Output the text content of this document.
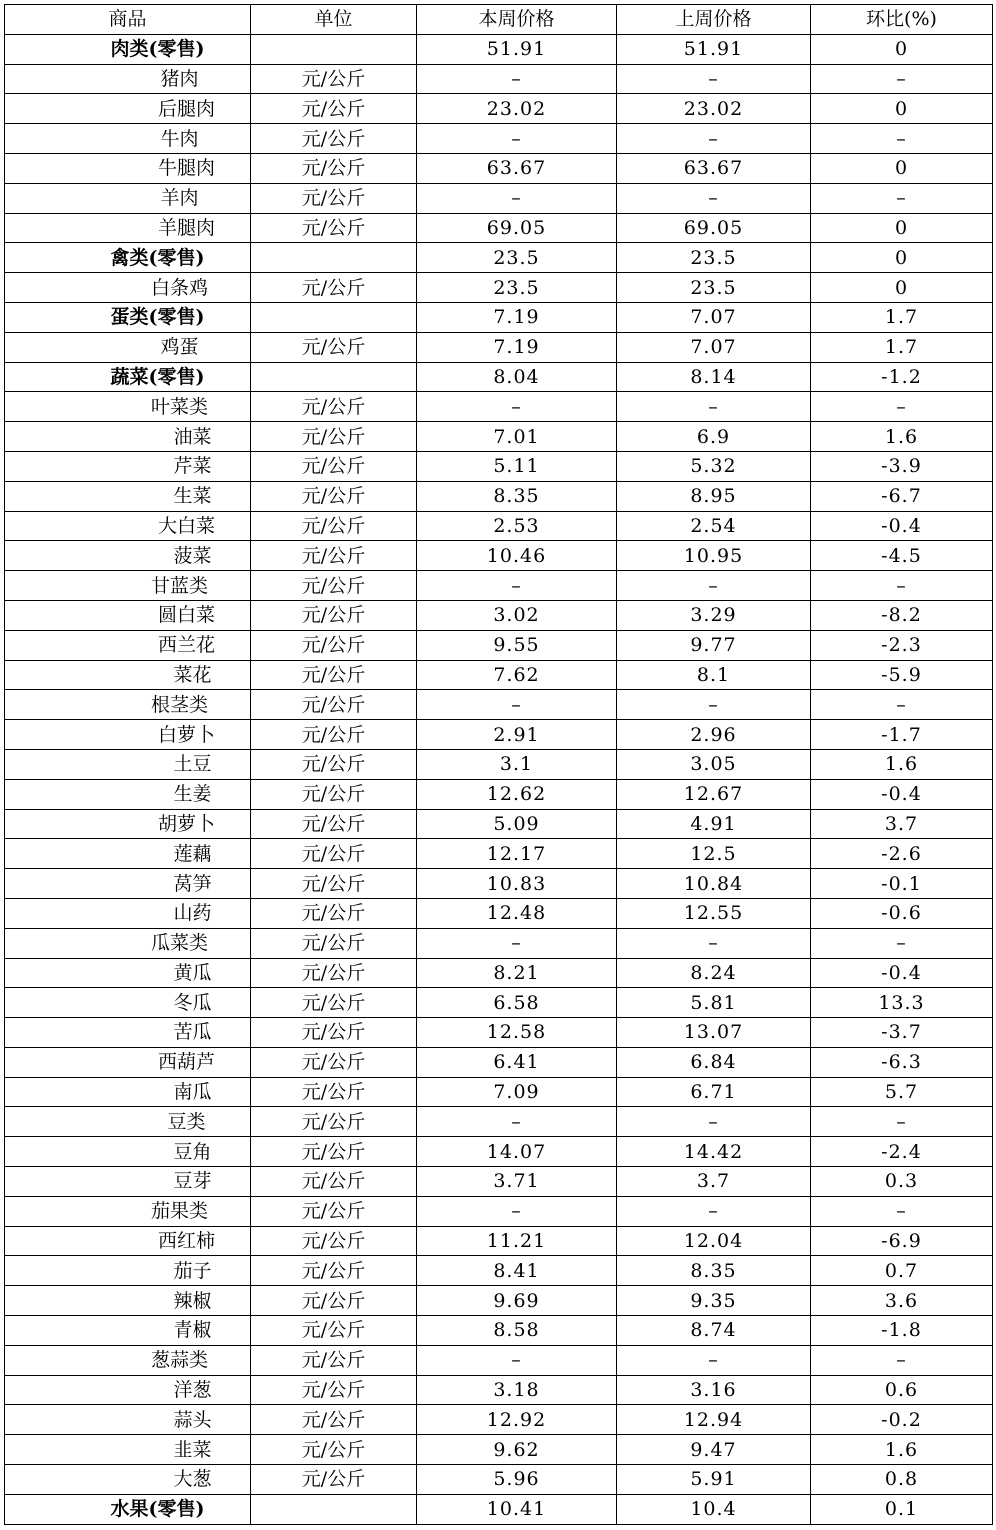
商品	单位	本周价格	上周价格	环比(%)
肉类(零售)		51.91	51.91	0
猪肉	元/公斤	–	–	–
后腿肉	元/公斤	23.02	23.02	0
牛肉	元/公斤	–	–	–
牛腿肉	元/公斤	63.67	63.67	0
羊肉	元/公斤	–	–	–
羊腿肉	元/公斤	69.05	69.05	0
禽类(零售)		23.5	23.5	0
白条鸡	元/公斤	23.5	23.5	0
蛋类(零售)		7.19	7.07	1.7
鸡蛋	元/公斤	7.19	7.07	1.7
蔬菜(零售)		8.04	8.14	-1.2
叶菜类	元/公斤	–	–	–
油菜	元/公斤	7.01	6.9	1.6
芹菜	元/公斤	5.11	5.32	-3.9
生菜	元/公斤	8.35	8.95	-6.7
大白菜	元/公斤	2.53	2.54	-0.4
菠菜	元/公斤	10.46	10.95	-4.5
甘蓝类	元/公斤	–	–	–
圆白菜	元/公斤	3.02	3.29	-8.2
西兰花	元/公斤	9.55	9.77	-2.3
菜花	元/公斤	7.62	8.1	-5.9
根茎类	元/公斤	–	–	–
白萝卜	元/公斤	2.91	2.96	-1.7
土豆	元/公斤	3.1	3.05	1.6
生姜	元/公斤	12.62	12.67	-0.4
胡萝卜	元/公斤	5.09	4.91	3.7
莲藕	元/公斤	12.17	12.5	-2.6
莴笋	元/公斤	10.83	10.84	-0.1
山药	元/公斤	12.48	12.55	-0.6
瓜菜类	元/公斤	–	–	–
黄瓜	元/公斤	8.21	8.24	-0.4
冬瓜	元/公斤	6.58	5.81	13.3
苦瓜	元/公斤	12.58	13.07	-3.7
西葫芦	元/公斤	6.41	6.84	-6.3
南瓜	元/公斤	7.09	6.71	5.7
豆类	元/公斤	–	–	–
豆角	元/公斤	14.07	14.42	-2.4
豆芽	元/公斤	3.71	3.7	0.3
茄果类	元/公斤	–	–	–
西红柿	元/公斤	11.21	12.04	-6.9
茄子	元/公斤	8.41	8.35	0.7
辣椒	元/公斤	9.69	9.35	3.6
青椒	元/公斤	8.58	8.74	-1.8
葱蒜类	元/公斤	–	–	–
洋葱	元/公斤	3.18	3.16	0.6
蒜头	元/公斤	12.92	12.94	-0.2
韭菜	元/公斤	9.62	9.47	1.6
大葱	元/公斤	5.96	5.91	0.8
水果(零售)		10.41	10.4	0.1
